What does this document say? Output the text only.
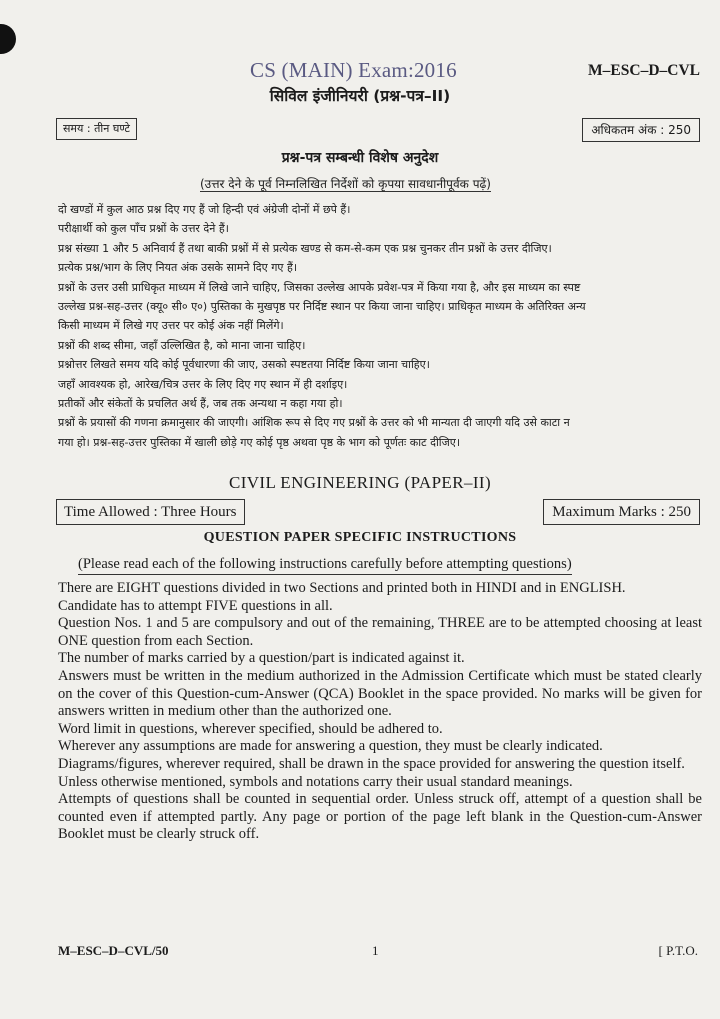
CS (MAIN) Exam:2016	M–ESC–D–CVL
सिविल इंजीनियरी (प्रश्न-पत्र–II)
समय : तीन घण्टे	अधिकतम अंक : 250
प्रश्न-पत्र सम्बन्धी विशेष अनुदेश
(उत्तर देने के पूर्व निम्नलिखित निर्देशों को कृपया सावधानीपूर्वक पढ़ें)

दो खण्डों में कुल आठ प्रश्न दिए गए हैं जो हिन्दी एवं अंग्रेजी दोनों में छपे हैं।

परीक्षार्थी को कुल पाँच प्रश्नों के उत्तर देने हैं।

प्रश्न संख्या 1 और 5 अनिवार्य हैं तथा बाकी प्रश्नों में से प्रत्येक खण्ड से कम-से-कम एक प्रश्न चुनकर तीन प्रश्नों के उत्तर दीजिए।

प्रत्येक प्रश्न/भाग के लिए नियत अंक उसके सामने दिए गए हैं।

प्रश्नों के उत्तर उसी प्राधिकृत माध्यम में लिखे जाने चाहिए, जिसका उल्लेख आपके प्रवेश-पत्र में किया गया है, और इस माध्यम का स्पष्ट

उल्लेख प्रश्न-सह-उत्तर (क्यू० सी० ए०) पुस्तिका के मुखपृष्ठ पर निर्दिष्ट स्थान पर किया जाना चाहिए। प्राधिकृत माध्यम के अतिरिक्त अन्य

किसी माध्यम में लिखे गए उत्तर पर कोई अंक नहीं मिलेंगे।

प्रश्नों की शब्द सीमा, जहाँ उल्लिखित है, को माना जाना चाहिए।

प्रश्नोत्तर लिखते समय यदि कोई पूर्वधारणा की जाए, उसको स्पष्टतया निर्दिष्ट किया जाना चाहिए।

जहाँ आवश्यक हो, आरेख/चित्र उत्तर के लिए दिए गए स्थान में ही दर्शाइए।

प्रतीकों और संकेतों के प्रचलित अर्थ हैं, जब तक अन्यथा न कहा गया हो।

प्रश्नों के प्रयासों की गणना क्रमानुसार की जाएगी। आंशिक रूप से दिए गए प्रश्नों के उत्तर को भी मान्यता दी जाएगी यदि उसे काटा न

गया हो। प्रश्न-सह-उत्तर पुस्तिका में खाली छोड़े गए कोई पृष्ठ अथवा पृष्ठ के भाग को पूर्णतः काट दीजिए।

CIVIL ENGINEERING (PAPER–II)
Time Allowed : Three Hours	Maximum Marks : 250
QUESTION PAPER SPECIFIC INSTRUCTIONS
(Please read each of the following instructions carefully before attempting questions)

There are EIGHT questions divided in two Sections and printed both in HINDI and in ENGLISH.

Candidate has to attempt FIVE questions in all.

Question Nos. 1 and 5 are compulsory and out of the remaining, THREE are to be attempted choosing at least ONE question from each Section.

The number of marks carried by a question/part is indicated against it.

Answers must be written in the medium authorized in the Admission Certificate which must be stated clearly on the cover of this Question-cum-Answer (QCA) Booklet in the space provided. No marks will be given for answers written in medium other than the authorized one.

Word limit in questions, wherever specified, should be adhered to.

Wherever any assumptions are made for answering a question, they must be clearly indicated.

Diagrams/figures, wherever required, shall be drawn in the space provided for answering the question itself.

Unless otherwise mentioned, symbols and notations carry their usual standard meanings.

Attempts of questions shall be counted in sequential order. Unless struck off, attempt of a question shall be counted even if attempted partly. Any page or portion of the page left blank in the Question-cum-Answer Booklet must be clearly struck off.

M–ESC–D–CVL/50	1	[ P.T.O.
